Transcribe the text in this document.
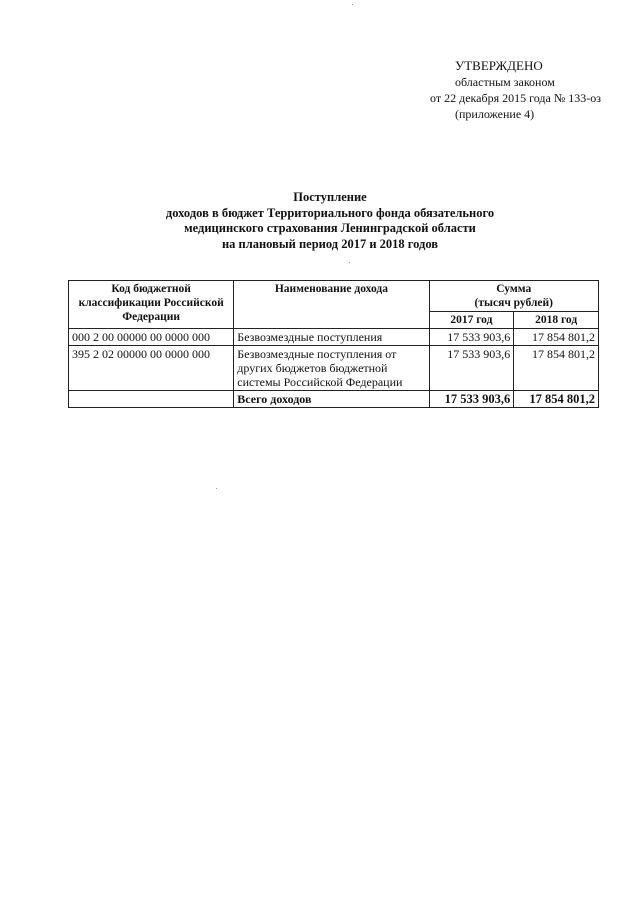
УТВЕРЖДЕНО
областным законом
от 22 декабря 2015 года № 133-оз
(приложение 4)
Поступление
доходов в бюджет Территориального фонда обязательного
медицинского страхования Ленинградской области
на плановый период 2017 и 2018 годов
Код бюджетной классификации Российской Федерации	Наименование дохода	Сумма
(тысяч рублей)	

		2017 год	2018 год
000 2 00 00000 00 0000 000	Безвозмездные поступления	17 533 903,6	17 854 801,2
395 2 02 00000 00 0000 000	Безвозмездные поступления от других бюджетов бюджетной системы Российской Федерации	17 533 903,6	17 854 801,2
	Всего доходов	17 533 903,6	17 854 801,2
